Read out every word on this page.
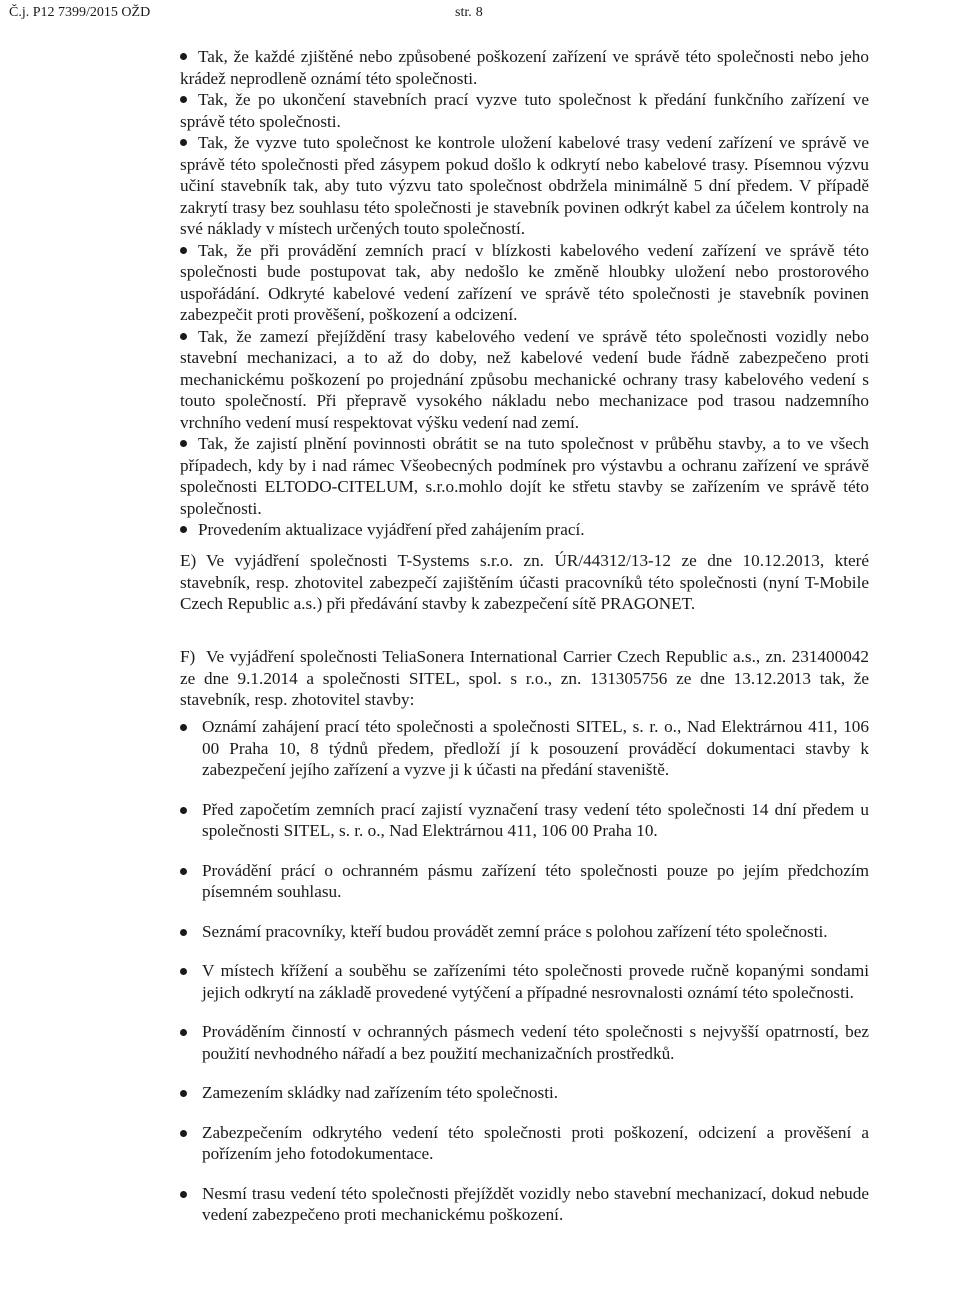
Č.j. P12 7399/2015 OŽD	str. 8
Tak, že každé zjištěné nebo způsobené poškození zařízení ve správě této společnosti nebo jeho krádež neprodleně oznámí této společnosti.
Tak, že po ukončení stavebních prací vyzve tuto společnost k předání funkčního zařízení ve správě této společnosti.
Tak, že vyzve tuto společnost ke kontrole uložení kabelové trasy vedení zařízení ve správě ve správě této společnosti před zásypem pokud došlo k odkrytí nebo kabelové trasy. Písemnou výzvu učiní stavebník tak, aby tuto výzvu tato společnost obdržela minimálně 5 dní předem. V případě zakrytí trasy bez souhlasu této společnosti je stavebník povinen odkrýt kabel za účelem kontroly na své náklady v místech určených touto společností.
Tak, že při provádění zemních prací v blízkosti kabelového vedení zařízení ve správě této společnosti bude postupovat tak, aby nedošlo ke změně hloubky uložení nebo prostorového uspořádání. Odkryté kabelové vedení zařízení ve správě této společnosti je stavebník povinen zabezpečit proti prověšení, poškození a odcizení.
Tak, že zamezí přejíždění trasy kabelového vedení ve správě této společnosti vozidly nebo stavební mechanizaci, a to až do doby, než kabelové vedení bude řádně zabezpečeno proti mechanickému poškození po projednání způsobu mechanické ochrany trasy kabelového vedení s touto společností. Při přepravě vysokého nákladu nebo mechanizace pod trasou nadzemního vrchního vedení musí respektovat výšku vedení nad zemí.
Tak, že zajistí plnění povinnosti obrátit se na tuto společnost v průběhu stavby, a to ve všech případech, kdy by i nad rámec Všeobecných podmínek pro výstavbu a ochranu zařízení ve správě společnosti ELTODO-CITELUM, s.r.o.mohlo dojít ke střetu stavby se zařízením ve správě této společnosti.
Provedením aktualizace vyjádření před zahájením prací.
E) Ve vyjádření společnosti T-Systems s.r.o. zn. ÚR/44312/13-12 ze dne 10.12.2013, které stavebník, resp. zhotovitel zabezpečí zajištěním účasti pracovníků této společnosti (nyní T-Mobile Czech Republic a.s.) při předávání stavby k zabezpečení sítě PRAGONET.
F) Ve vyjádření společnosti TeliaSonera International Carrier Czech Republic a.s., zn. 231400042 ze dne 9.1.2014 a společnosti SITEL, spol. s r.o., zn. 131305756 ze dne 13.12.2013 tak, že stavebník, resp. zhotovitel stavby:
Oznámí zahájení prací této společnosti a společnosti SITEL, s. r. o., Nad Elektrárnou 411, 106 00 Praha 10, 8 týdnů předem, předloží jí k posouzení prováděcí dokumentaci stavby k zabezpečení jejího zařízení a vyzve ji k účasti na předání staveniště.
Před započetím zemních prací zajistí vyznačení trasy vedení této společnosti 14 dní předem u společnosti SITEL, s. r. o., Nad Elektrárnou 411, 106 00 Praha 10.
Provádění prácí o ochranném pásmu zařízení této společnosti pouze po jejím předchozím písemném souhlasu.
Seznámí pracovníky, kteří budou provádět zemní práce s polohou zařízení této společnosti.
V místech křížení a souběhu se zařízeními této společnosti provede ručně kopanými sondami jejich odkrytí na základě provedené vytýčení a případné nesrovnalosti oznámí této společnosti.
Prováděním činností v ochranných pásmech vedení této společnosti s nejvyšší opatrností, bez použití nevhodného nářadí a bez použití mechanizačních prostředků.
Zamezením skládky nad zařízením této společnosti.
Zabezpečením odkrytého vedení této společnosti proti poškození, odcizení a prověšení a pořízením jeho fotodokumentace.
Nesmí trasu vedení této společnosti přejíždět vozidly nebo stavební mechanizací, dokud nebude vedení zabezpečeno proti mechanickému poškození.
